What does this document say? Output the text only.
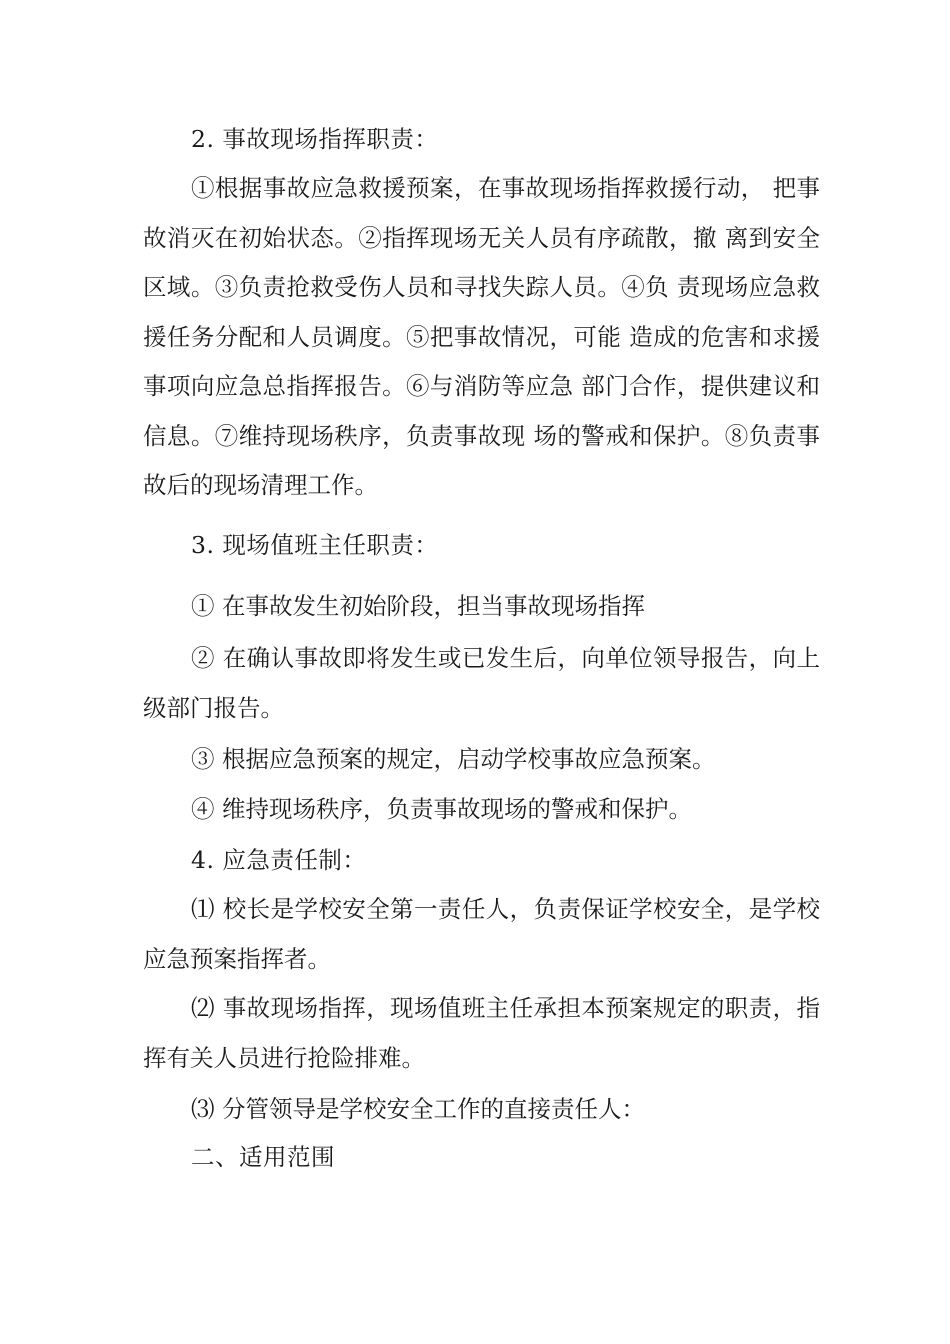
2. 事故现场指挥职责：

①根据事故应急救援预案，在事故现场指挥救援行动， 把事故消灭在初始状态。②指挥现场无关人员有序疏散，撤 离到安全区域。③负责抢救受伤人员和寻找失踪人员。④负 责现场应急救援任务分配和人员调度。⑤把事故情况，可能 造成的危害和求援事项向应急总指挥报告。⑥与消防等应急 部门合作，提供建议和信息。⑦维持现场秩序，负责事故现 场的警戒和保护。⑧负责事故后的现场清理工作。

3. 现场值班主任职责：

① 在事故发生初始阶段，担当事故现场指挥

② 在确认事故即将发生或已发生后，向单位领导报告，向上级部门报告。

③ 根据应急预案的规定，启动学校事故应急预案。

④ 维持现场秩序，负责事故现场的警戒和保护。

4. 应急责任制：

⑴ 校长是学校安全第一责任人，负责保证学校安全，是学校应急预案指挥者。

⑵ 事故现场指挥，现场值班主任承担本预案规定的职责，指挥有关人员进行抢险排难。

⑶ 分管领导是学校安全工作的直接责任人：

二、适用范围
